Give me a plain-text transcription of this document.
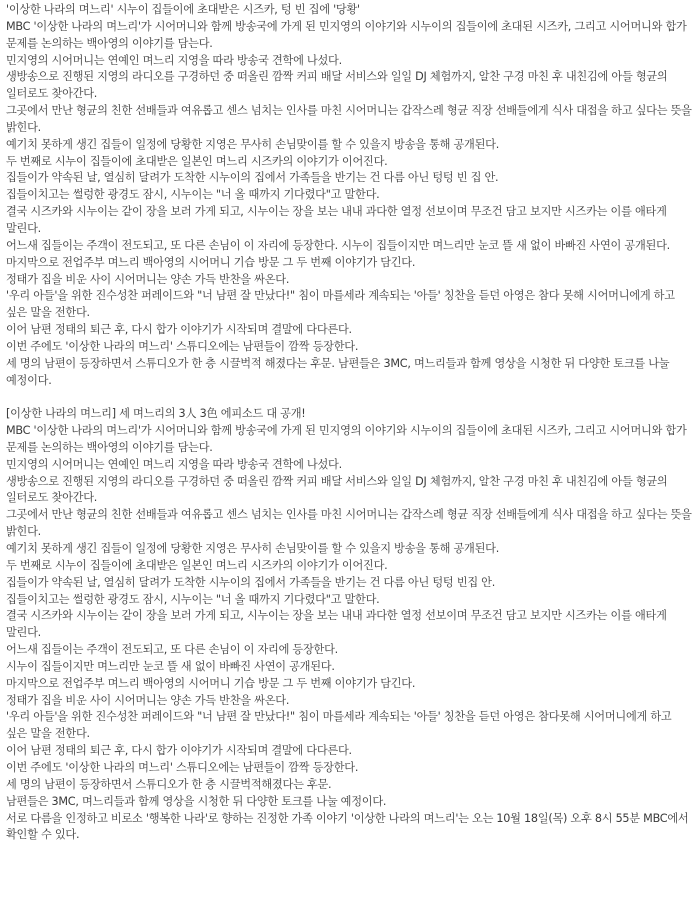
'이상한 나라의 며느리' 시누이 집들이에 초대받은 시즈카, 텅 빈 집에 '당황'

MBC '이상한 나라의 며느리'가 시어머니와 함께 방송국에 가게 된 민지영의 이야기와 시누이의 집들이에 초대된 시즈카, 그리고 시어머니와 합가 문제를 논의하는 백아영의 이야기를 담는다.

민지영의 시어머니는 연예인 며느리 지영을 따라 방송국 견학에 나섰다.

생방송으로 진행된 지영의 라디오를 구경하던 중 떠올린 깜짝 커피 배달 서비스와 일일 DJ 체험까지, 알찬 구경 마친 후 내친김에 아들 형균의 일터로도 찾아간다.

그곳에서 만난 형균의 친한 선배들과 여유롭고 센스 넘치는 인사를 마친 시어머니는 갑작스레 형균 직장 선배들에게 식사 대접을 하고 싶다는 뜻을 밝힌다.

예기치 못하게 생긴 집들이 일정에 당황한 지영은 무사히 손님맞이를 할 수 있을지 방송을 통해 공개된다.

두 번째로 시누이 집들이에 초대받은 일본인 며느리 시즈카의 이야기가 이어진다.

집들이가 약속된 날, 열심히 달려가 도착한 시누이의 집에서 가족들을 반기는 건 다름 아닌 텅텅 빈 집 안.

집들이치고는 썰렁한 광경도 잠시, 시누이는 "너 올 때까지 기다렸다"고 말한다.

결국 시즈카와 시누이는 같이 장을 보러 가게 되고, 시누이는 장을 보는 내내 과다한 열정 선보이며 무조건 담고 보지만 시즈카는 이를 애타게 말린다.

어느새 집들이는 주객이 전도되고, 또 다른 손님이 이 자리에 등장한다. 시누이 집들이지만 며느리만 눈코 뜰 새 없이 바빠진 사연이 공개된다.

마지막으로 전업주부 며느리 백아영의 시어머니 기습 방문 그 두 번째 이야기가 담긴다.

정태가 집을 비운 사이 시어머니는 양손 가득 반찬을 싸온다.

'우리 아들'을 위한 진수성찬 퍼레이드와 "너 남편 잘 만났다!" 침이 마를세라 계속되는 '아들' 칭찬을 듣던 아영은 참다 못해 시어머니에게 하고 싶은 말을 전한다.

이어 남편 정태의 퇴근 후, 다시 합가 이야기가 시작되며 결말에 다다른다.

이번 주에도 '이상한 나라의 며느리' 스튜디오에는 남편들이 깜짝 등장한다.

세 명의 남편이 등장하면서 스튜디오가 한 층 시끌벅적 해졌다는 후문. 남편들은 3MC, 며느리들과 함께 영상을 시청한 뒤 다양한 토크를 나눌 예정이다.

[이상한 나라의 며느리] 세 며느리의 3人 3色 에피소드 대 공개!

MBC '이상한 나라의 며느리'가 시어머니와 함께 방송국에 가게 된 민지영의 이야기와 시누이의 집들이에 초대된 시즈카, 그리고 시어머니와 합가 문제를 논의하는 백아영의 이야기를 담는다.

민지영의 시어머니는 연예인 며느리 지영을 따라 방송국 견학에 나섰다.

생방송으로 진행된 지영의 라디오를 구경하던 중 떠올린 깜짝 커피 배달 서비스와 일일 DJ 체험까지, 알찬 구경 마친 후 내친김에 아들 형균의 일터로도 찾아간다.

그곳에서 만난 형균의 친한 선배들과 여유롭고 센스 넘치는 인사를 마친 시어머니는 갑작스레 형균 직장 선배들에게 식사 대접을 하고 싶다는 뜻을 밝힌다.

예기치 못하게 생긴 집들이 일정에 당황한 지영은 무사히 손님맞이를 할 수 있을지 방송을 통해 공개된다.

두 번째로 시누이 집들이에 초대받은 일본인 며느리 시즈카의 이야기가 이어진다.

집들이가 약속된 날, 열심히 달려가 도착한 시누이의 집에서 가족들을 반기는 건 다름 아닌 텅텅 빈집 안.

집들이치고는 썰렁한 광경도 잠시, 시누이는 "너 올 때까지 기다렸다"고 말한다.

결국 시즈카와 시누이는 같이 장을 보러 가게 되고, 시누이는 장을 보는 내내 과다한 열정 선보이며 무조건 담고 보지만 시즈카는 이를 애타게 말린다.

어느새 집들이는 주객이 전도되고, 또 다른 손님이 이 자리에 등장한다.

시누이 집들이지만 며느리만 눈코 뜰 새 없이 바빠진 사연이 공개된다.

마지막으로 전업주부 며느리 백아영의 시어머니 기습 방문 그 두 번째 이야기가 담긴다.

정태가 집을 비운 사이 시어머니는 양손 가득 반찬을 싸온다.

'우리 아들'을 위한 진수성찬 퍼레이드와 "너 남편 잘 만났다!" 침이 마를세라 계속되는 '아들' 칭찬을 듣던 아영은 참다못해 시어머니에게 하고 싶은 말을 전한다.

이어 남편 정태의 퇴근 후, 다시 합가 이야기가 시작되며 결말에 다다른다.

이번 주에도 '이상한 나라의 며느리' 스튜디오에는 남편들이 깜짝 등장한다.

세 명의 남편이 등장하면서 스튜디오가 한 층 시끌벅적해졌다는 후문.

남편들은 3MC, 며느리들과 함께 영상을 시청한 뒤 다양한 토크를 나눌 예정이다.

서로 다름을 인정하고 비로소 '행복한 나라'로 향하는 진정한 가족 이야기 '이상한 나라의 며느리'는 오는 10월 18일(목) 오후 8시 55분 MBC에서 확인할 수 있다.
